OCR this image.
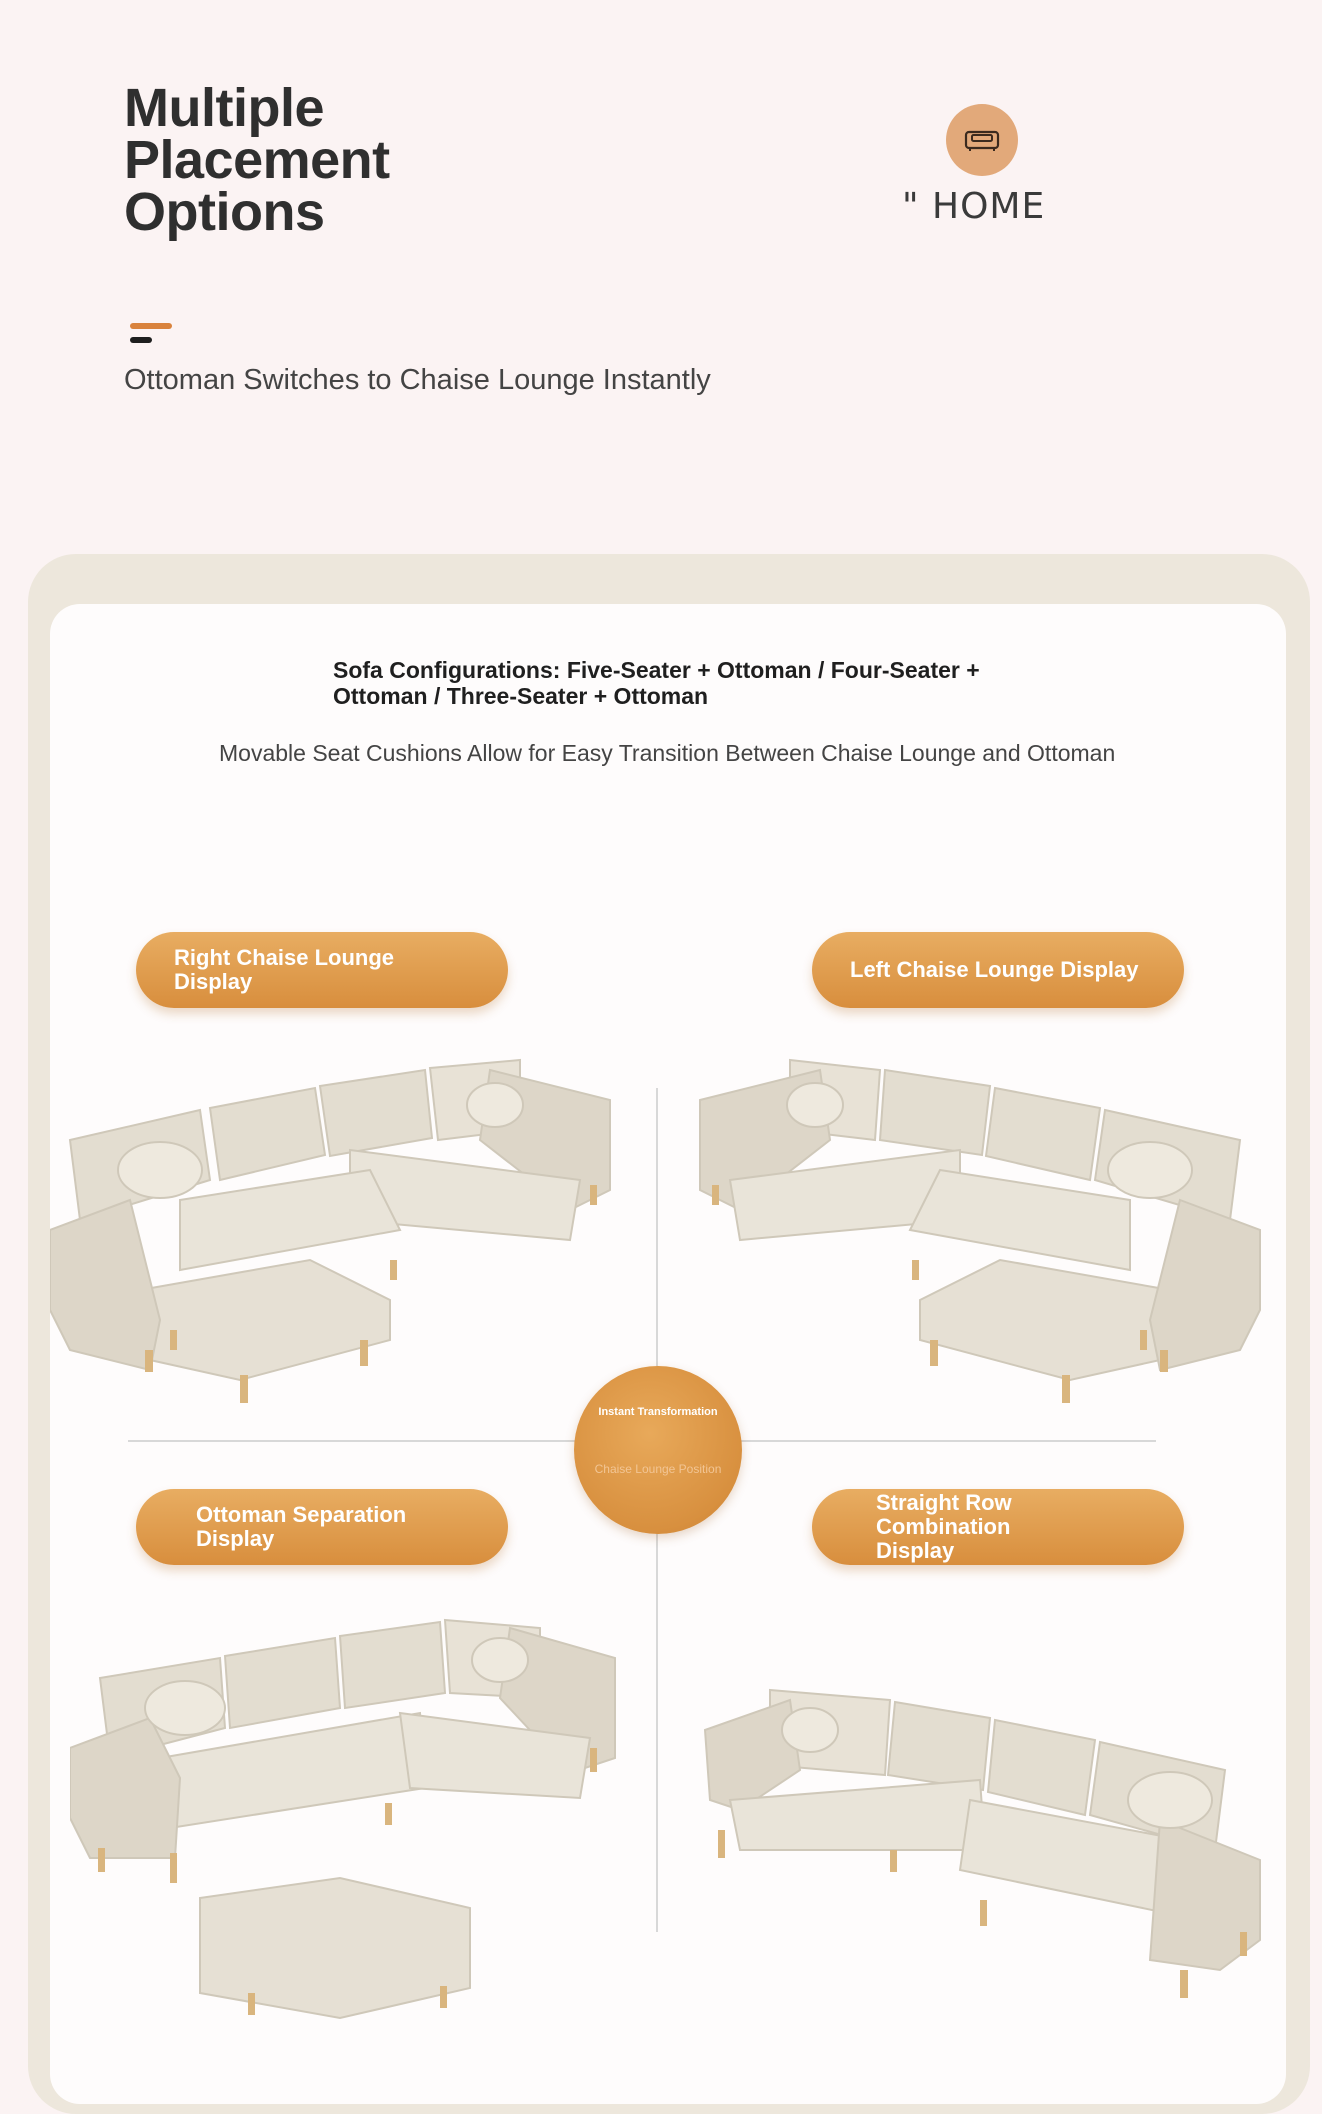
Multiple Placement Options	" HOME
Ottoman Switches to Chaise Lounge Instantly
Sofa Configurations: Five-Seater + Ottoman / Four-Seater + Ottoman / Three-Seater + Ottoman
Movable Seat Cushions Allow for Easy Transition Between Chaise Lounge and Ottoman
Right Chaise Lounge Display	Left Chaise Lounge Display
Ottoman Separation Display
Straight Row Combination Display
Instant Transformation
Chaise Lounge Position
